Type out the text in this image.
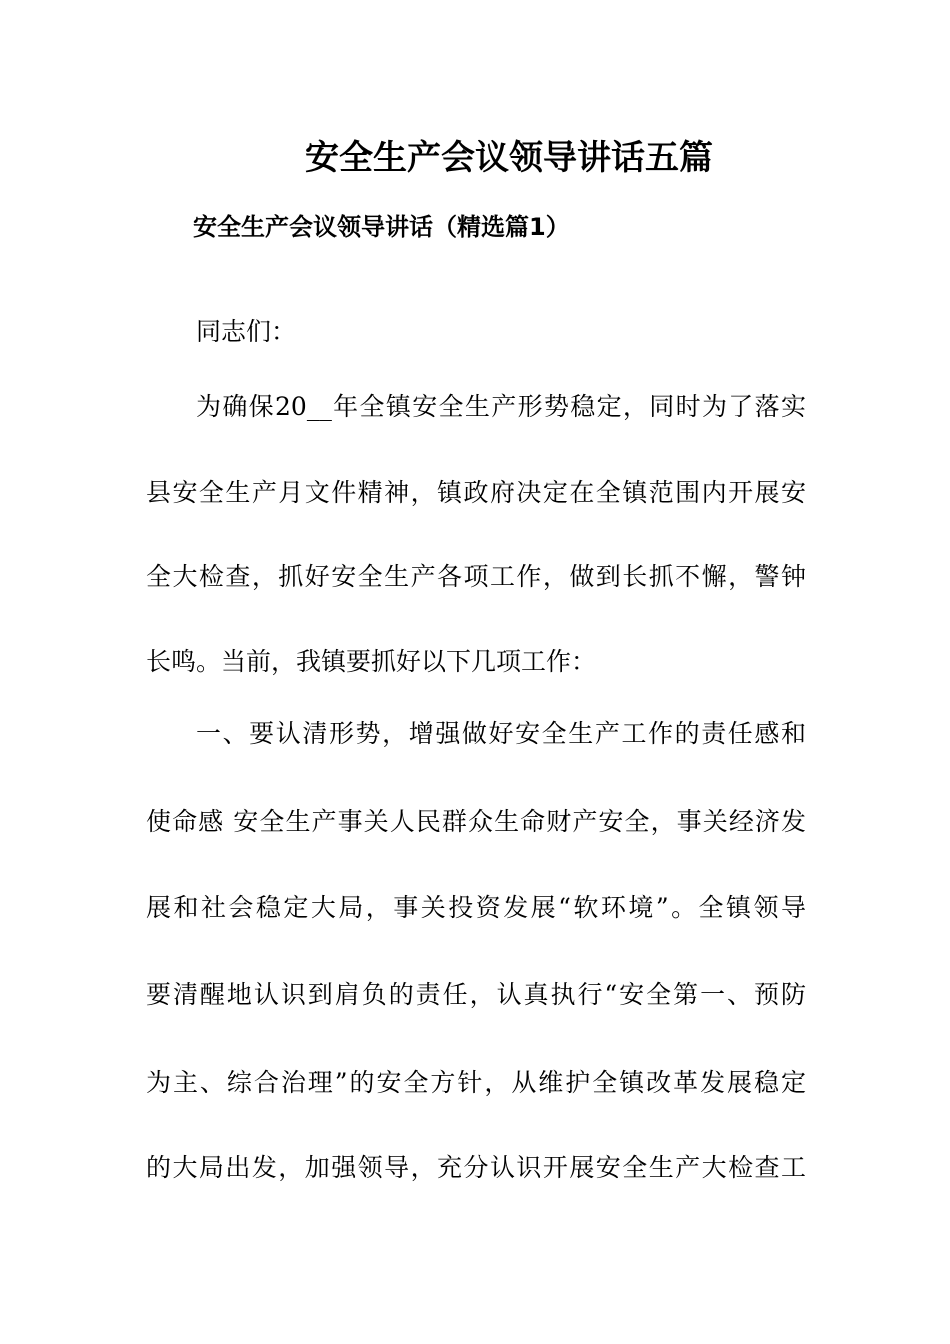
安全生产会议领导讲话五篇
安全生产会议领导讲话（精选篇1）

同志们：

为确保20__年全镇安全生产形势稳定，同时为了落实

县安全生产月文件精神，镇政府决定在全镇范围内开展安

全大检查，抓好安全生产各项工作，做到长抓不懈，警钟

长鸣。当前，我镇要抓好以下几项工作：

一、要认清形势，增强做好安全生产工作的责任感和

使命感 安全生产事关人民群众生命财产安全，事关经济发

展和社会稳定大局，事关投资发展“软环境”。全镇领导

要清醒地认识到肩负的责任，认真执行“安全第一、预防

为主、综合治理”的安全方针，从维护全镇改革发展稳定

的大局出发，加强领导，充分认识开展安全生产大检查工
